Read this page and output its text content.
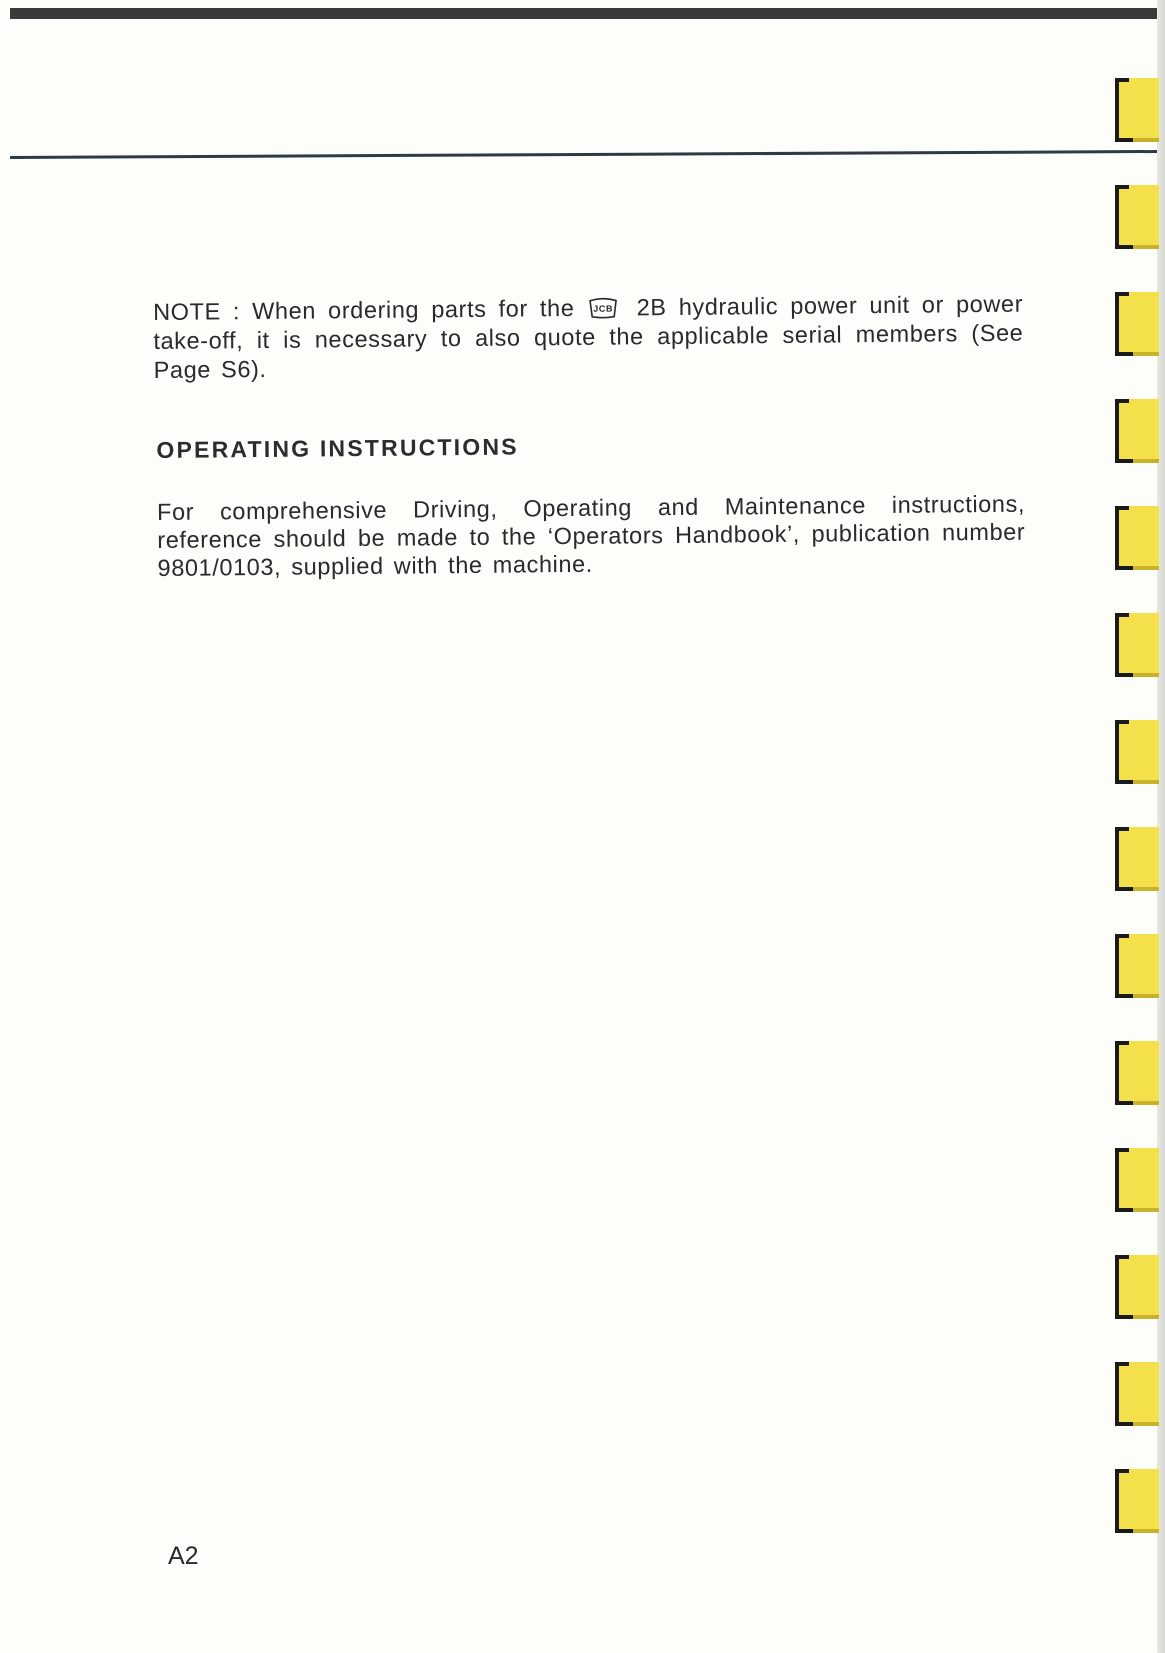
NOTE : When ordering parts for the JCB 2B hydraulic power unit or power take-off, it is necessary to also quote the applicable serial members (See Page S6).

OPERATING INSTRUCTIONS

For comprehensive Driving, Operating and Maintenance instructions, reference should be made to the ‘Operators Handbook’, publication number 9801/0103, supplied with the machine.

A2
